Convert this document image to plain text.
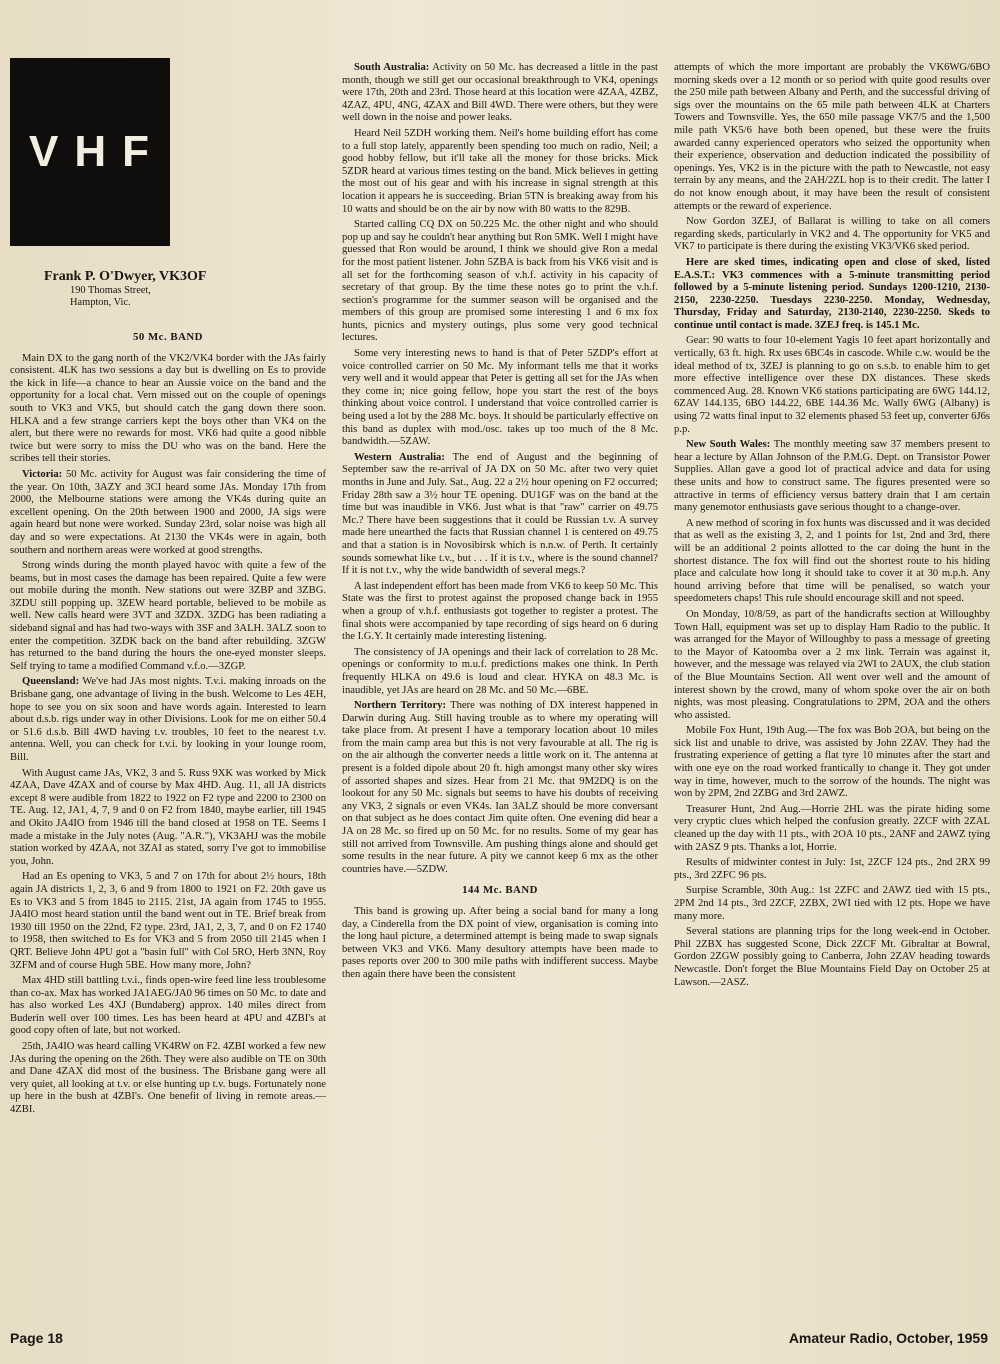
VHF
Frank P. O'Dwyer, VK3OF
190 Thomas Street,
Hampton, Vic.
50 Mc. BAND

Main DX to the gang north of the VK2/VK4 border with the JAs fairly consistent. 4LK has two sessions a day but is dwelling on Es to provide the kick in life—a chance to hear an Aussie voice on the band and the opportunity for a local chat. Vern missed out on the couple of openings south to VK3 and VK5, but should catch the gang down there soon. HLKA and a few strange carriers kept the boys other than VK4 on the alert, but there were no rewards for most. VK6 had quite a good nibble twice but were sorry to miss the DU who was on the band. Here the scribes tell their stories.

Victoria: 50 Mc. activity for August was fair considering the time of the year. On 10th, 3AZY and 3CI heard some JAs. Monday 17th from 2000, the Melbourne stations were among the VK4s during quite an excellent opening. On the 20th between 1900 and 2000, JA sigs were again heard but none were worked. Sunday 23rd, solar noise was high all day and so were expectations. At 2130 the VK4s were in again, both southern and northern areas were worked at good strengths.

Strong winds during the month played havoc with quite a few of the beams, but in most cases the damage has been repaired. Quite a few were out mobile during the month. New stations out were 3ZBP and 3ZBG. 3ZDU still popping up. 3ZEW heard portable, believed to be mobile as well. New calls heard were 3VT and 3ZDX. 3ZDG has been radiating a sideband signal and has had two-ways with 3SF and 3ALH. 3ALZ soon to enter the competition. 3ZDK back on the band after rebuilding. 3ZGW has returned to the band during the hours the one-eyed monster sleeps. Self trying to tame a modified Command v.f.o.—3ZGP.

Queensland: We've had JAs most nights. T.v.i. making inroads on the Brisbane gang, one advantage of living in the bush. Welcome to Les 4EH, hope to see you on six soon and have words again. Interested to learn about d.s.b. rigs under way in other Divisions. Look for me on either 50.4 or 51.6 d.s.b. Bill 4WD having t.v. troubles, 10 feet to the nearest t.v. antenna. Well, you can check for t.v.i. by looking in your lounge room, Bill.

With August came JAs, VK2, 3 and 5. Russ 9XK was worked by Mick 4ZAA, Dave 4ZAX and of course by Max 4HD. Aug. 11, all JA districts except 8 were audible from 1822 to 1922 on F2 type and 2200 to 2300 on TE. Aug. 12, JA1, 4, 7, 9 and 0 on F2 from 1840, maybe earlier, till 1945 and Okito JA4IO from 1946 till the band closed at 1958 on TE. Seems I made a mistake in the July notes (Aug. "A.R."), VK3AHJ was the mobile station worked by 4ZAA, not 3ZAI as stated, sorry I've got to immobilise you, John.

Had an Es opening to VK3, 5 and 7 on 17th for about 2½ hours, 18th again JA districts 1, 2, 3, 6 and 9 from 1800 to 1921 on F2. 20th gave us Es to VK3 and 5 from 1845 to 2115. 21st, JA again from 1745 to 1955. JA4IO most heard station until the band went out in TE. Brief break from 1930 till 1950 on the 22nd, F2 type. 23rd, JA1, 2, 3, 7, and 0 on F2 1740 to 1958, then switched to Es for VK3 and 5 from 2050 till 2145 when I QRT. Believe John 4PU got a "basin full" with Col 5RO, Herb 3NN, Roy 3ZFM and of course Hugh 5BE. How many more, John?

Max 4HD still battling t.v.i., finds open-wire feed line less troublesome than co-ax. Max has worked JA1AEG/JA0 96 times on 50 Mc. to date and has also worked Les 4XJ (Bundaberg) approx. 140 miles direct from Buderin well over 100 times. Les has been heard at 4PU and 4ZBI's at good copy often of late, but not worked.

25th, JA4IO was heard calling VK4RW on F2. 4ZBI worked a few new JAs during the opening on the 26th. They were also audible on TE on 30th and Dane 4ZAX did most of the business. The Brisbane gang were all very quiet, all looking at t.v. or else hunting up t.v. bugs. Fortunately none up here in the bush at 4ZBI's. One benefit of living in remote areas.—4ZBI.

South Australia: Activity on 50 Mc. has decreased a little in the past month, though we still get our occasional breakthrough to VK4, openings were 17th, 20th and 23rd. Those heard at this location were 4ZAA, 4ZBZ, 4ZAZ, 4PU, 4NG, 4ZAX and Bill 4WD. There were others, but they were well down in the noise and power leaks.

Heard Neil 5ZDH working them. Neil's home building effort has come to a full stop lately, apparently been spending too much on radio, Neil; a good hobby fellow, but it'll take all the money for those bricks. Mick 5ZDR heard at various times testing on the band. Mick believes in getting the most out of his gear and with his increase in signal strength at this location it appears he is succeeding. Brian 5TN is breaking away from his 10 watts and should be on the air by now with 80 watts to the 829B.

Started calling CQ DX on 50.225 Mc. the other night and who should pop up and say he couldn't hear anything but Ron 5MK. Well I might have guessed that Ron would be around, I think we should give Ron a medal for the most patient listener. John 5ZBA is back from his VK6 visit and is all set for the forthcoming season of v.h.f. activity in his capacity of secretary of that group. By the time these notes go to print the v.h.f. section's programme for the summer season will be organised and the members of this group are promised some interesting 1 and 6 mx fox hunts, picnics and mystery outings, plus some very good technical lectures.

Some very interesting news to hand is that of Peter 5ZDP's effort at voice controlled carrier on 50 Mc. My informant tells me that it works very well and it would appear that Peter is getting all set for the JAs when they come in; nice going fellow, hope you start the rest of the boys thinking about voice control. I understand that voice controlled carrier is being used a lot by the 288 Mc. boys. It should be particularly effective on this band as duplex with mod./osc. takes up too much of the 8 Mc. bandwidth.—5ZAW.

Western Australia: The end of August and the beginning of September saw the re-arrival of JA DX on 50 Mc. after two very quiet months in June and July. Sat., Aug. 22 a 2½ hour opening on F2 occurred; Friday 28th saw a 3½ hour TE opening. DU1GF was on the band at the time but was inaudible in VK6. Just what is that "raw" carrier on 49.75 Mc.? There have been suggestions that it could be Russian t.v. A survey made here unearthed the facts that Russian channel 1 is centered on 49.75 and that a station is in Novosibirsk which is n.n.w. of Perth. It certainly sounds somewhat like t.v., but . . . If it is t.v., where is the sound channel? If it is not t.v., why the wide bandwidth of several megs.?

A last independent effort has been made from VK6 to keep 50 Mc. This State was the first to protest against the proposed change back in 1955 when a group of v.h.f. enthusiasts got together to register a protest. The final shots were accompanied by tape recording of sigs heard on 6 during the I.G.Y. It certainly made interesting listening.

The consistency of JA openings and their lack of correlation to 28 Mc. openings or conformity to m.u.f. predictions makes one think. In Perth frequently HLKA on 49.6 is loud and clear. HYKA on 48.3 Mc. is inaudible, yet JAs are heard on 28 Mc. and 50 Mc.—6BE.

Northern Territory: There was nothing of DX interest happened in Darwin during Aug. Still having trouble as to where my operating will take place from. At present I have a temporary location about 10 miles from the main camp area but this is not very favourable at all. The rig is on the air although the converter needs a little work on it. The antenna at present is a folded dipole about 20 ft. high amongst many other sky wires of assorted shapes and sizes. Hear from 21 Mc. that 9M2DQ is on the lookout for any 50 Mc. signals but seems to have his doubts of receiving any VK3, 2 signals or even VK4s. Ian 3ALZ should be more conversant on that subject as he does contact Jim quite often. One evening did hear a JA on 28 Mc. so fired up on 50 Mc. for no results. Some of my gear has still not arrived from Townsville. Am pushing things alone and should get some results in the near future. A pity we cannot keep 6 mx as the other countries have.—5ZDW.

144 Mc. BAND

This band is growing up. After being a social band for many a long day, a Cinderella from the DX point of view, organisation is coming into the long haul picture, a determined attempt is being made to swap signals between VK3 and VK6. Many desultory attempts have been made to pases reports over 200 to 300 mile paths with indifferent success. Maybe then again there have been the consistent

attempts of which the more important are probably the VK6WG/6BO morning skeds over a 12 month or so period with quite good results over the 250 mile path between Albany and Perth, and the successful driving of sigs over the mountains on the 65 mile path between 4LK at Charters Towers and Townsville. Yes, the 650 mile passage VK7/5 and the 1,500 mile path VK5/6 have both been opened, but these were the fruits awarded canny experienced operators who seized the opportunity when their experience, observation and deduction indicated the possibility of openings. Yes, VK2 is in the picture with the path to Newcastle, not easy terrain by any means, and the 2AH/2ZL hop is to their credit. The latter I do not know enough about, it may have been the result of consistent attempts or the reward of experience.

Now Gordon 3ZEJ, of Ballarat is willing to take on all comers regarding skeds, particularly in VK2 and 4. The opportunity for VK5 and VK7 to participate is there during the existing VK3/VK6 sked period.

Here are sked times, indicating open and close of sked, listed E.A.S.T.: VK3 commences with a 5-minute transmitting period followed by a 5-minute listening period. Sundays 1200-1210, 2130-2150, 2230-2250. Tuesdays 2230-2250. Monday, Wednesday, Thursday, Friday and Saturday, 2130-2140, 2230-2250. Skeds to continue until contact is made. 3ZEJ freq. is 145.1 Mc.

Gear: 90 watts to four 10-element Yagis 10 feet apart horizontally and vertically, 63 ft. high. Rx uses 6BC4s in cascode. While c.w. would be the ideal method of tx, 3ZEJ is planning to go on s.s.b. to enable him to get more effective intelligence over these DX distances. These skeds commenced Aug. 28. Known VK6 stations participating are 6WG 144.12, 6ZAV 144.135, 6BO 144.22, 6BE 144.36 Mc. Wally 6WG (Albany) is using 72 watts final input to 32 elements phased 53 feet up, converter 6J6s p.p.

New South Wales: The monthly meeting saw 37 members present to hear a lecture by Allan Johnson of the P.M.G. Dept. on Transistor Power Supplies. Allan gave a good lot of practical advice and data for using these units and how to construct same. The figures presented were so attractive in terms of efficiency versus battery drain that I am certain many genemotor enthusiasts gave serious thought to a change-over.

A new method of scoring in fox hunts was discussed and it was decided that as well as the existing 3, 2, and 1 points for 1st, 2nd and 3rd, there will be an additional 2 points allotted to the car doing the hunt in the shortest distance. The fox will find out the shortest route to his hiding place and calculate how long it should take to cover it at 30 m.p.h. Any hound arriving before that time will be penalised, so watch your speedometers chaps! This rule should encourage skill and not speed.

On Monday, 10/8/59, as part of the handicrafts section at Willoughby Town Hall, equipment was set up to display Ham Radio to the public. It was arranged for the Mayor of Willoughby to pass a message of greeting to the Mayor of Katoomba over a 2 mx link. Terrain was against it, however, and the message was relayed via 2WI to 2AUX, the club station of the Blue Mountains Section. All went over well and the amount of interest shown by the crowd, many of whom spoke over the air on both nights, was most pleasing. Congratulations to 2PM, 2OA and the others who assisted.

Mobile Fox Hunt, 19th Aug.—The fox was Bob 2OA, but being on the sick list and unable to drive, was assisted by John 2ZAV. They had the frustrating experience of getting a flat tyre 10 minutes after the start and with one eye on the road worked frantically to change it. They got under way in time, however, much to the sorrow of the hounds. The night was won by 2PM, 2nd 2ZBG and 3rd 2AWZ.

Treasurer Hunt, 2nd Aug.—Horrie 2HL was the pirate hiding some very cryptic clues which helped the confusion greatly. 2ZCF with 2ZAL cleaned up the day with 11 pts., with 2OA 10 pts., 2ANF and 2AWZ tying with 2ASZ 9 pts. Thanks a lot, Horrie.

Results of midwinter contest in July: 1st, 2ZCF 124 pts., 2nd 2RX 99 pts., 3rd 2ZFC 96 pts.

Surpise Scramble, 30th Aug.: 1st 2ZFC and 2AWZ tied with 15 pts., 2PM 2nd 14 pts., 3rd 2ZCF, 2ZBX, 2WI tied with 12 pts. Hope we have many more.

Several stations are planning trips for the long week-end in October. Phil 2ZBX has suggested Scone, Dick 2ZCF Mt. Gibraltar at Bowral, Gordon 2ZGW possibly going to Canberra, John 2ZAV heading towards Newcastle. Don't forget the Blue Mountains Field Day on October 25 at Lawson.—2ASZ.

Page 18	Amateur Radio, October, 1959
